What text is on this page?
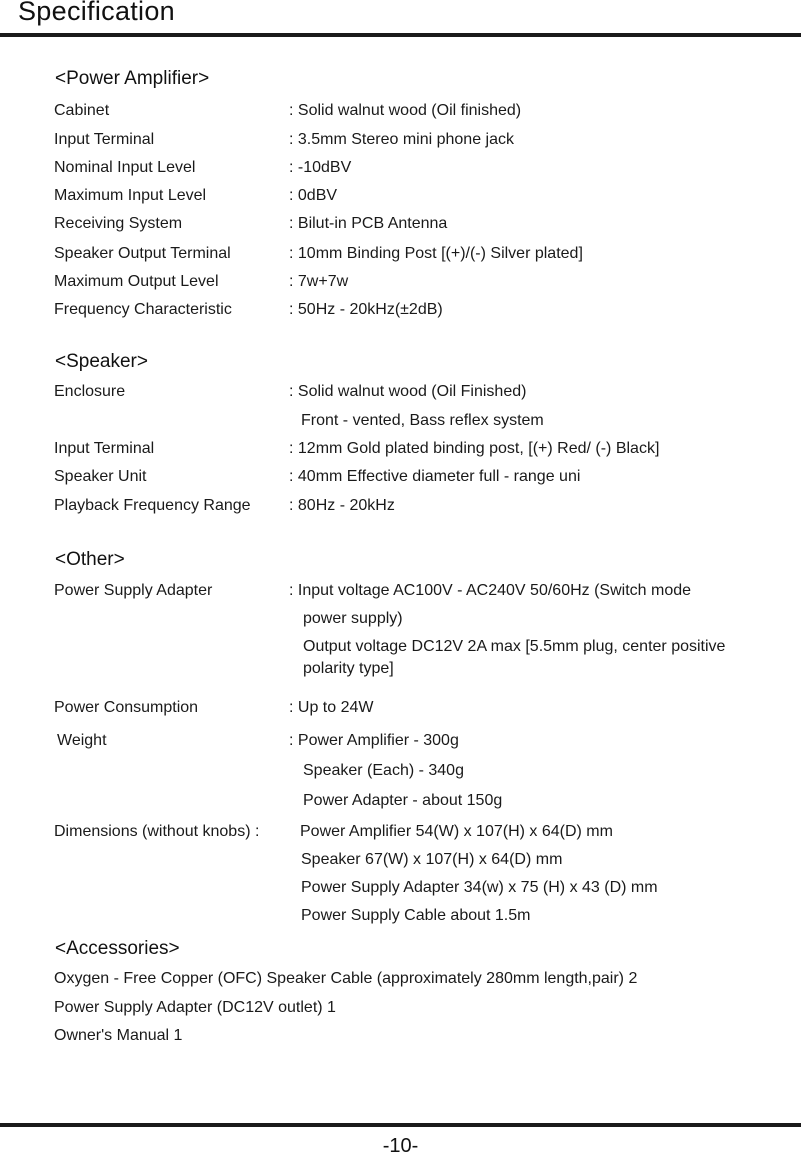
Specification
<Power Amplifier>
Cabinet	: Solid walnut wood (Oil finished)
Input Terminal	: 3.5mm Stereo mini phone jack
Nominal Input Level	: -10dBV
Maximum Input Level	: 0dBV
Receiving System	: Bilut-in PCB Antenna
Speaker Output Terminal	: 10mm Binding Post [(+)/(-) Silver plated]
Maximum Output Level	: 7w+7w
Frequency Characteristic	: 50Hz - 20kHz(±2dB)
<Speaker>
Enclosure	: Solid walnut wood (Oil Finished)
Front - vented, Bass reflex system
Input Terminal	: 12mm Gold plated binding post, [(+) Red/ (-) Black]
Speaker Unit	: 40mm Effective diameter full - range uni
Playback Frequency Range : 80Hz - 20kHz
<Other>
Power Supply Adapter	: Input voltage AC100V - AC240V 50/60Hz (Switch mode
power supply)
Output voltage DC12V 2A max [5.5mm plug, center positive
polarity type]
Power Consumption	: Up to 24W
Weight	: Power Amplifier - 300g
Speaker (Each) - 340g
Power Adapter - about 150g
Dimensions (without knobs) :	Power Amplifier 54(W) x 107(H) x 64(D) mm
Speaker 67(W) x 107(H) x 64(D) mm
Power Supply Adapter 34(w) x 75 (H) x 43 (D) mm
Power Supply Cable about 1.5m
<Accessories>
Oxygen - Free Copper (OFC) Speaker Cable (approximately 280mm length,pair) 2
Power Supply Adapter (DC12V outlet) 1
Owner's Manual 1
-10-
